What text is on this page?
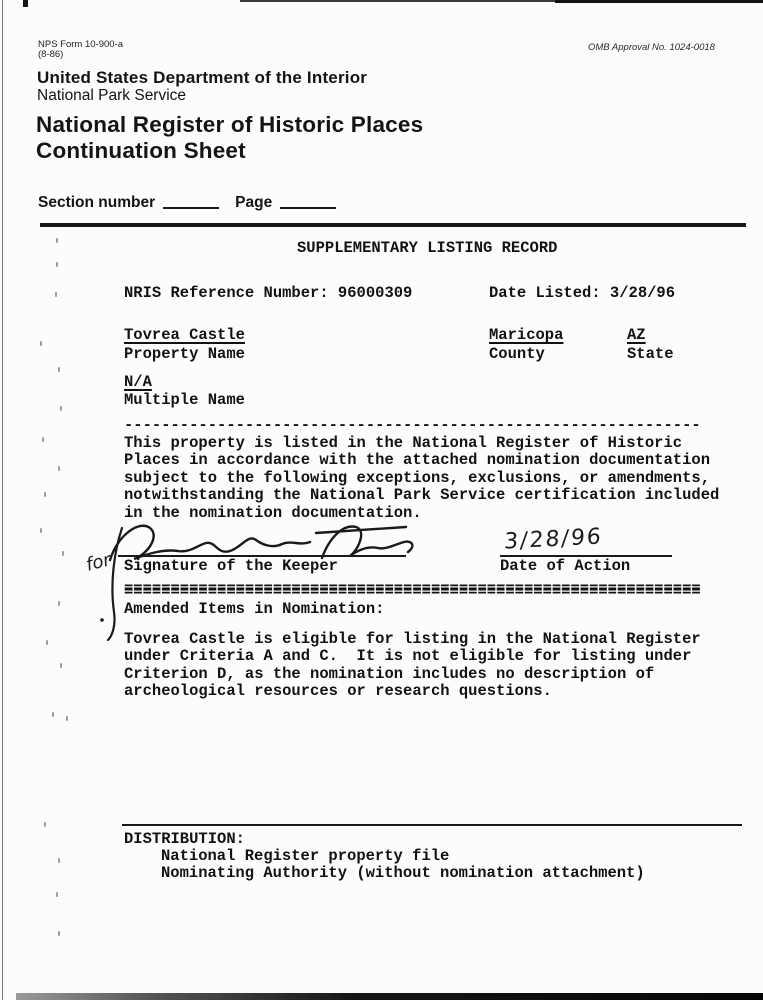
NPS Form 10-900-a
(8-86)
OMB Approval No. 1024-0018
United States Department of the Interior
National Park Service
National Register of Historic Places
Continuation Sheet
Section number	Page
SUPPLEMENTARY LISTING RECORD
NRIS Reference Number: 96000309	Date Listed: 3/28/96
Tovrea Castle	Maricopa	AZ
Property Name	County	State
N/A
Multiple Name
--------------------------------------------------------------
This property is listed in the National Register of Historic
Places in accordance with the attached nomination documentation
subject to the following exceptions, exclusions, or amendments,
notwithstanding the National Park Service certification included
in the nomination documentation.
for Signature of the Keeper
3/28/96
Date of Action
==============================================================
Amended Items in Nomination:
Tovrea Castle is eligible for listing in the National Register
under Criteria A and C.  It is not eligible for listing under
Criterion D, as the nomination includes no description of
archeological resources or research questions.
DISTRIBUTION:
National Register property file
Nominating Authority (without nomination attachment)
